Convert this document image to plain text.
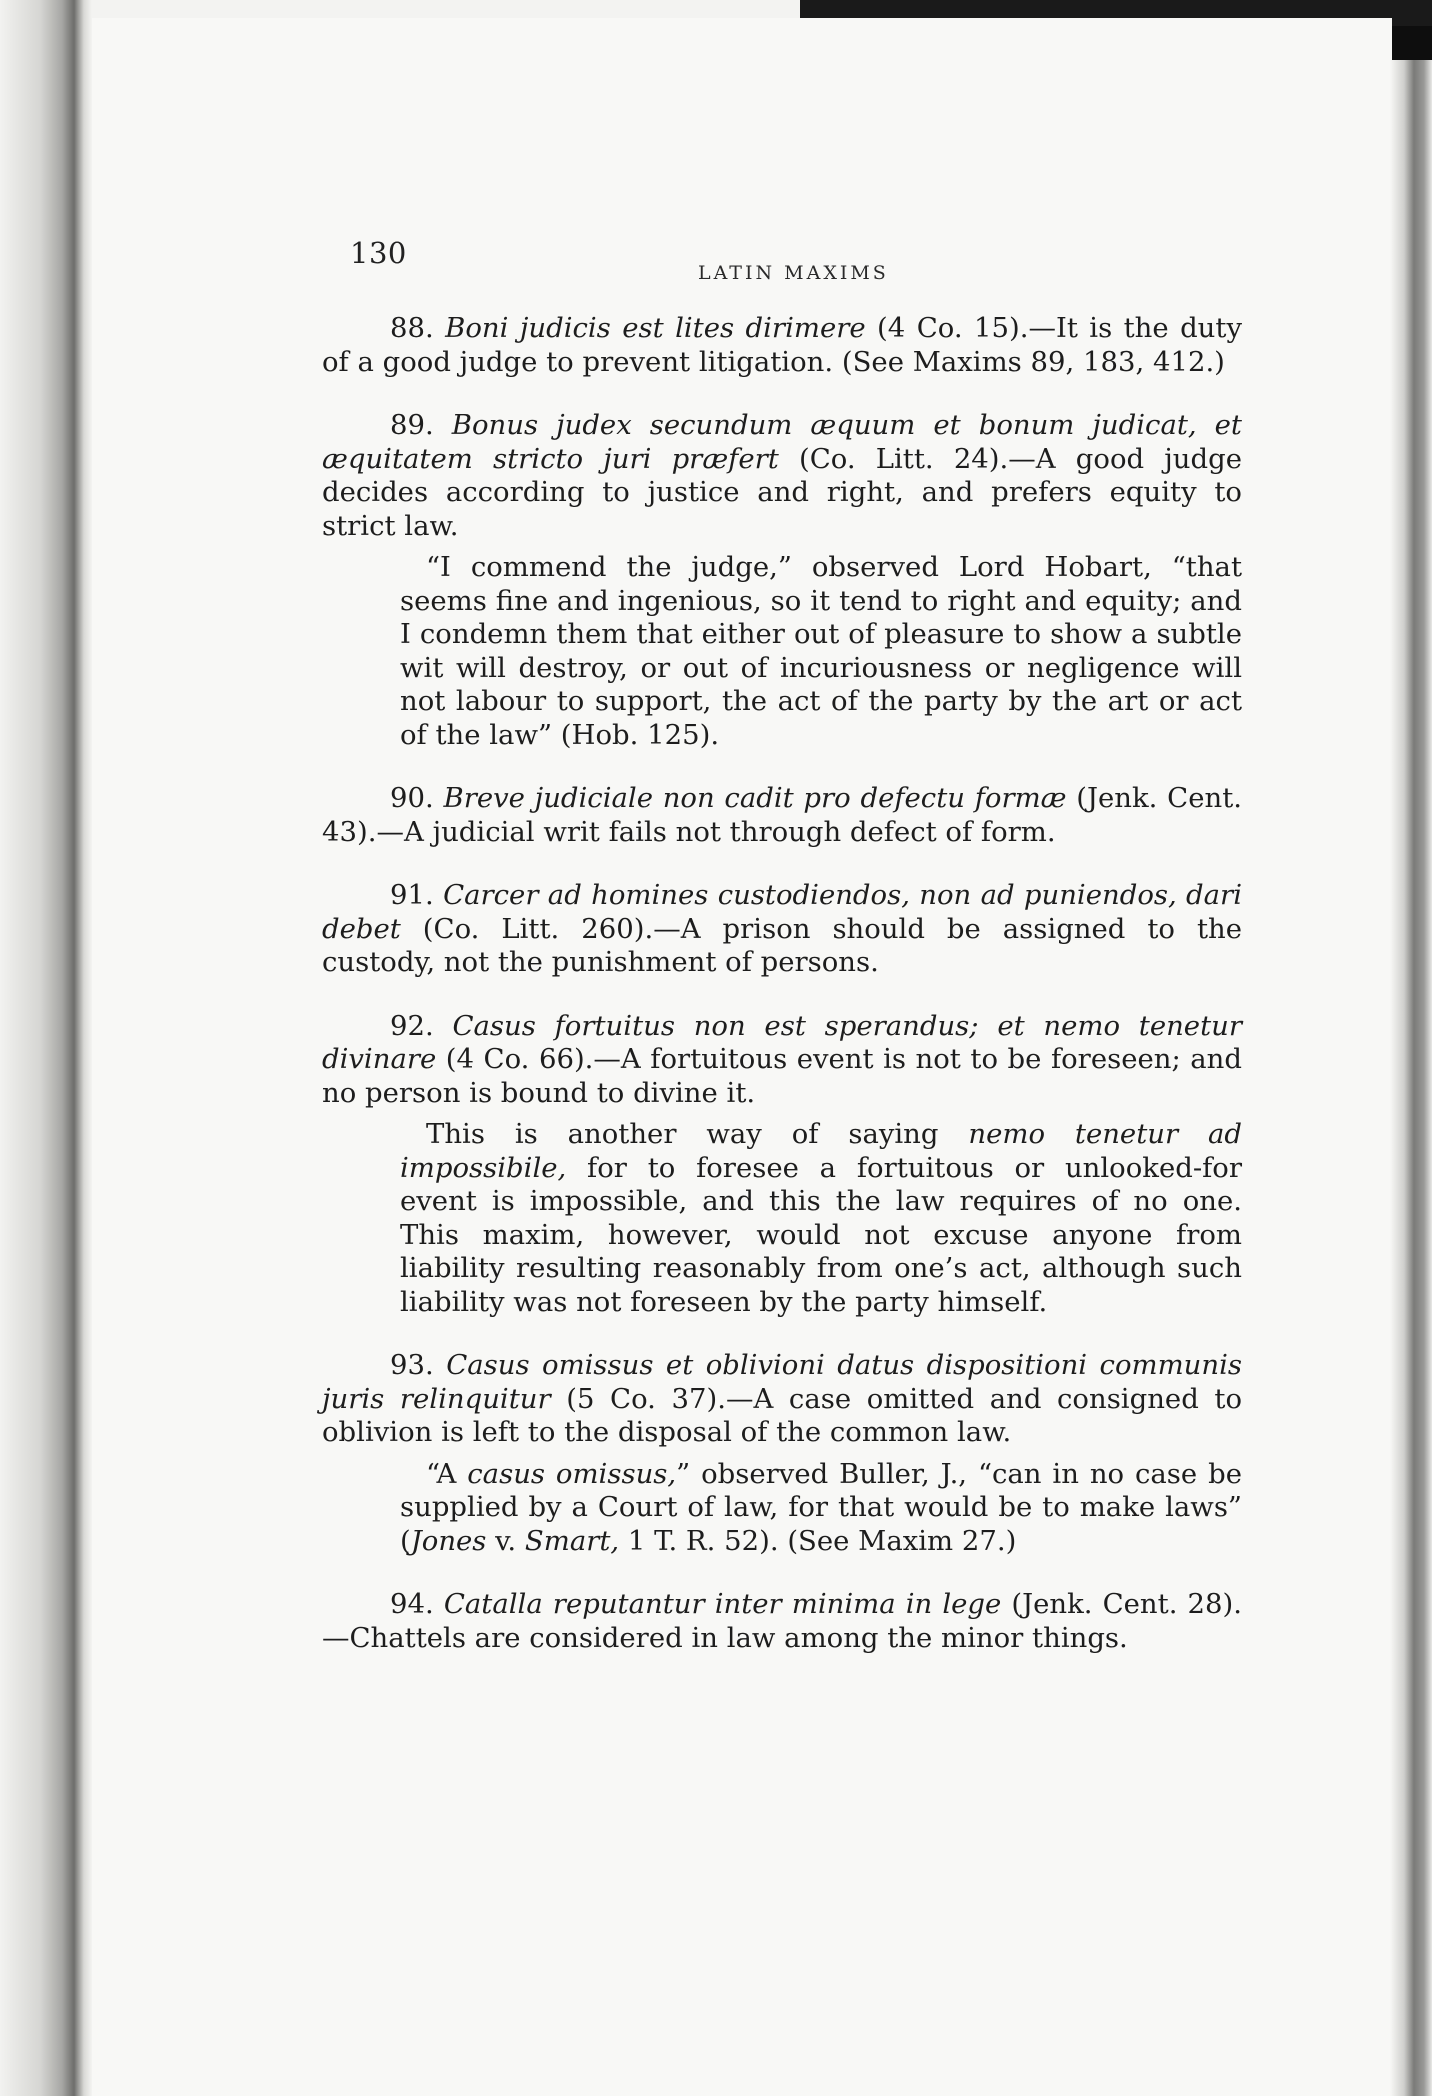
130
LATIN MAXIMS

88. Boni judicis est lites dirimere (4 Co. 15).—It is the duty of a good judge to prevent litigation. (See Maxims 89, 183, 412.)

89. Bonus judex secundum æquum et bonum judicat, et æquitatem stricto juri præfert (Co. Litt. 24).—A good judge decides according to justice and right, and prefers equity to strict law.

“I commend the judge,” observed Lord Hobart, “that seems fine and ingenious, so it tend to right and equity; and I condemn them that either out of pleasure to show a subtle wit will destroy, or out of incuriousness or negligence will not labour to support, the act of the party by the art or act of the law” (Hob. 125).

90. Breve judiciale non cadit pro defectu formæ (Jenk. Cent. 43).—A judicial writ fails not through defect of form.

91. Carcer ad homines custodiendos, non ad puniendos, dari debet (Co. Litt. 260).—A prison should be assigned to the custody, not the punishment of persons.

92. Casus fortuitus non est sperandus; et nemo tenetur divinare (4 Co. 66).—A fortuitous event is not to be foreseen; and no person is bound to divine it.

This is another way of saying nemo tenetur ad impossibile, for to foresee a fortuitous or unlooked-for event is impossible, and this the law requires of no one. This maxim, however, would not excuse anyone from liability resulting reasonably from one’s act, although such liability was not foreseen by the party himself.

93. Casus omissus et oblivioni datus dispositioni communis juris relinquitur (5 Co. 37).—A case omitted and consigned to oblivion is left to the disposal of the common law.

“A casus omissus,” observed Buller, J., “can in no case be supplied by a Court of law, for that would be to make laws” (Jones v. Smart, 1 T. R. 52). (See Maxim 27.)

94. Catalla reputantur inter minima in lege (Jenk. Cent. 28). —Chattels are considered in law among the minor things.
